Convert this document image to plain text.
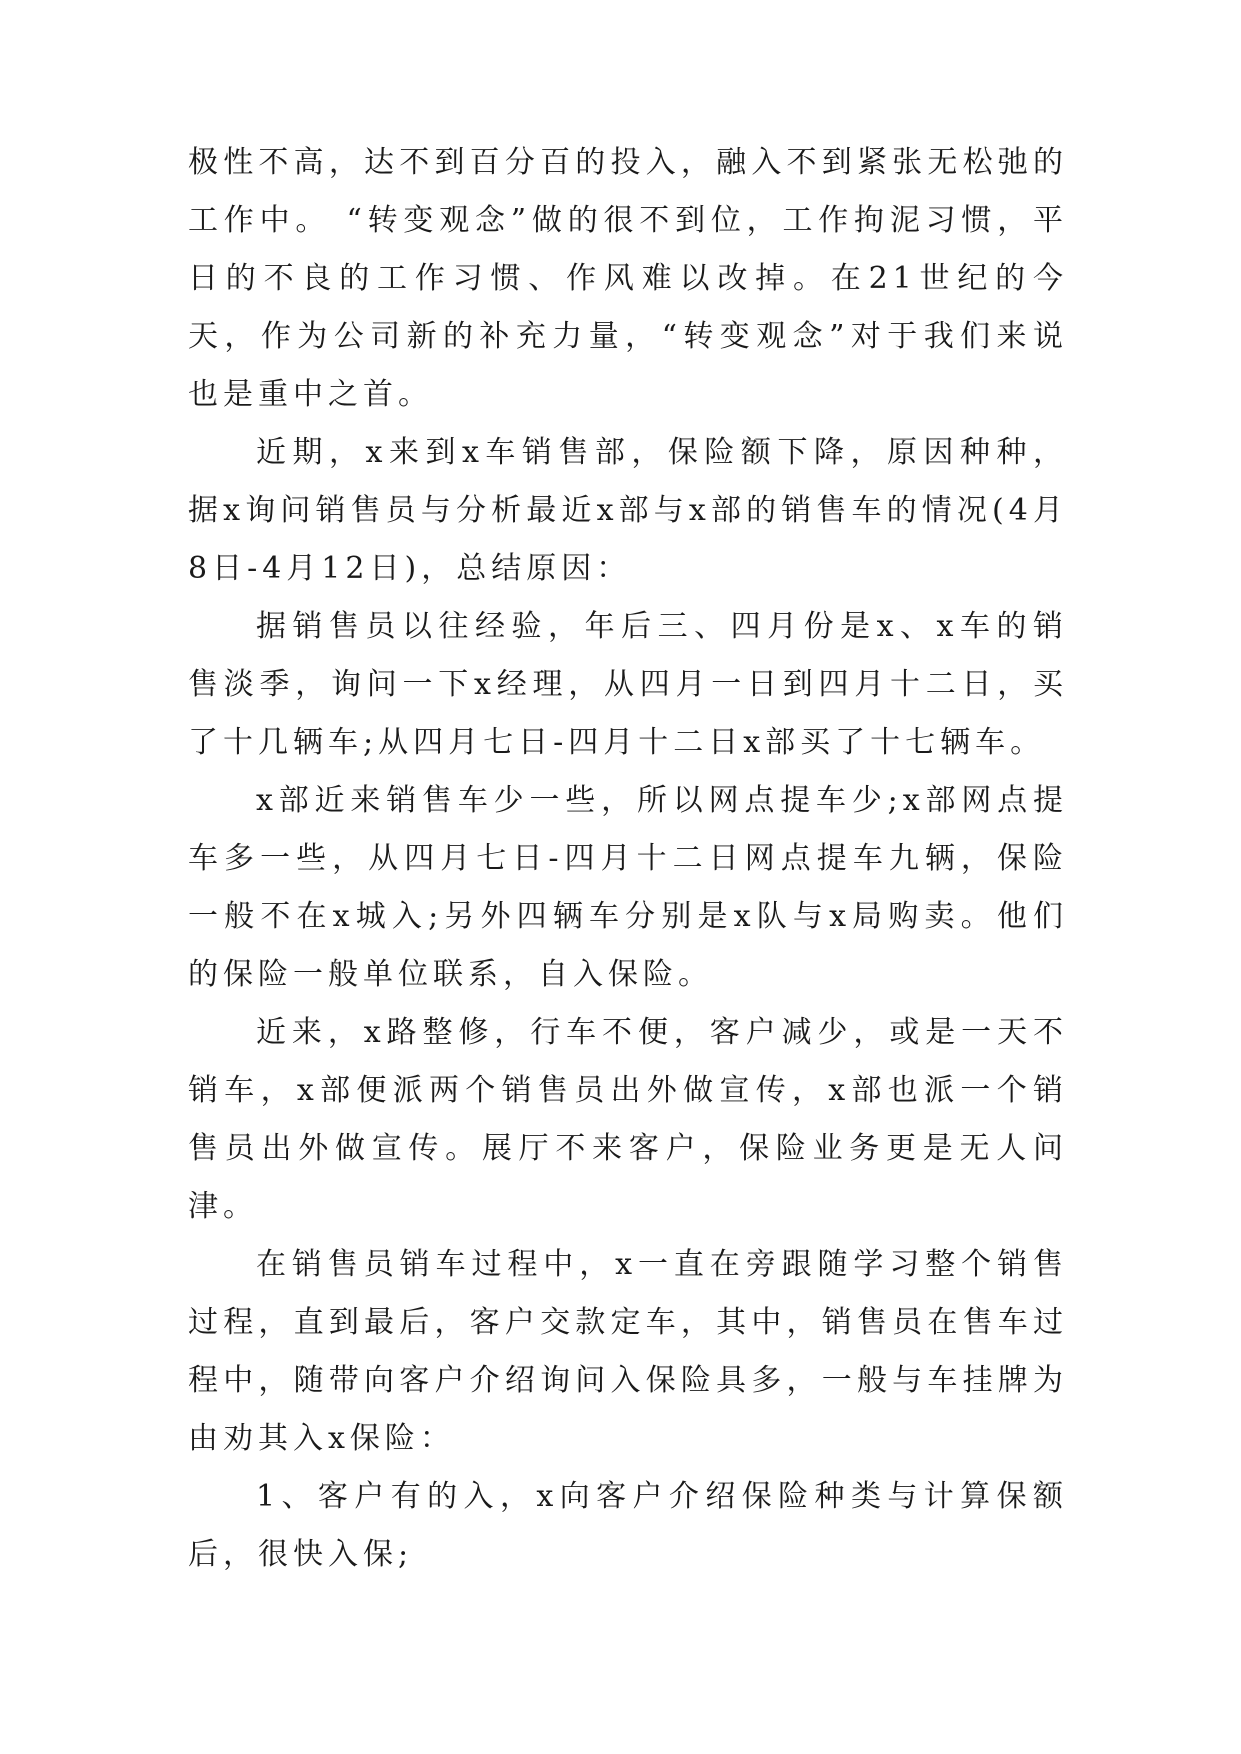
极性不高，达不到百分百的投入，融入不到紧张无松弛的工作中。 “转变观念”做的很不到位，工作拘泥习惯，平日的不良的工作习惯、作风难以改掉。在21世纪的今天，作为公司新的补充力量，“转变观念”对于我们来说也是重中之首。

近期，x来到x车销售部，保险额下降，原因种种，据x询问销售员与分析最近x部与x部的销售车的情况(4月8日-4月12日)，总结原因：

据销售员以往经验，年后三、四月份是x、x车的销售淡季，询问一下x经理，从四月一日到四月十二日，买了十几辆车;从四月七日-四月十二日x部买了十七辆车。

x部近来销售车少一些，所以网点提车少;x部网点提车多一些，从四月七日-四月十二日网点提车九辆，保险一般不在x城入;另外四辆车分别是x队与x局购卖。他们的保险一般单位联系，自入保险。

近来，x路整修，行车不便，客户减少，或是一天不销车，x部便派两个销售员出外做宣传，x部也派一个销售员出外做宣传。展厅不来客户，保险业务更是无人问津。

在销售员销车过程中，x一直在旁跟随学习整个销售过程，直到最后，客户交款定车，其中，销售员在售车过程中，随带向客户介绍询问入保险具多，一般与车挂牌为由劝其入x保险：

1、客户有的入，x向客户介绍保险种类与计算保额后，很快入保;
